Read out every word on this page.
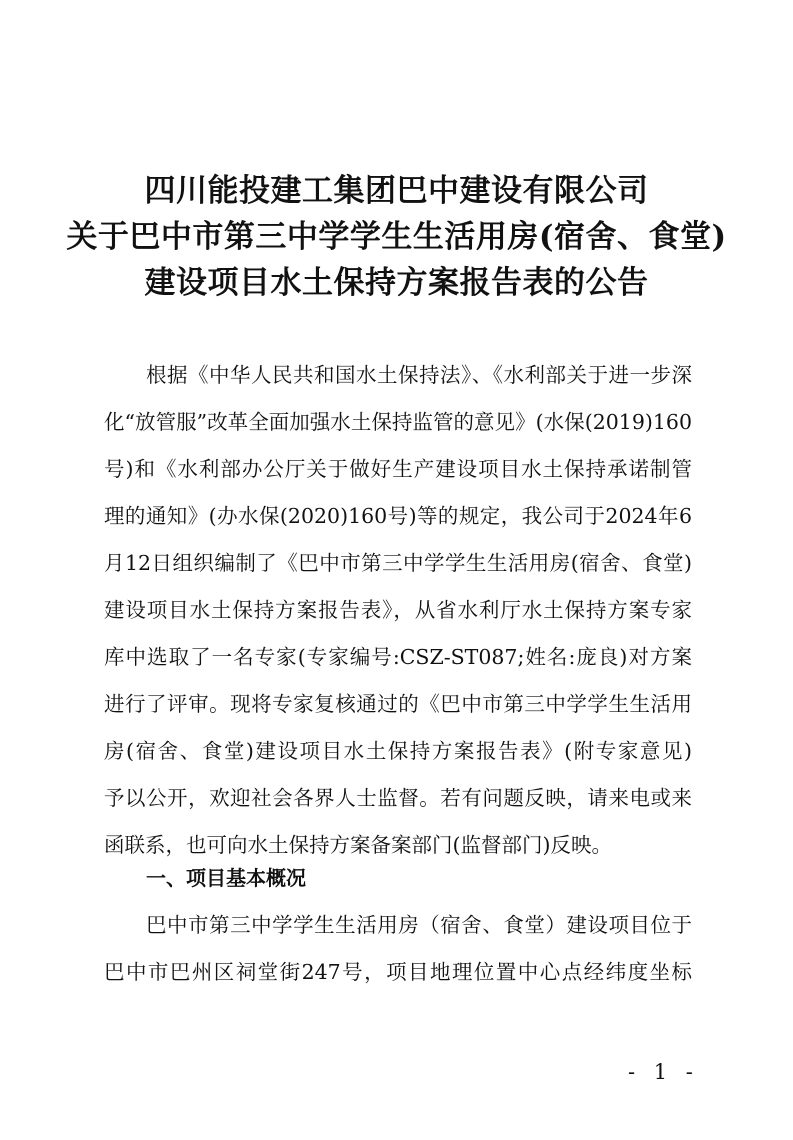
四川能投建工集团巴中建设有限公司
关于巴中市第三中学学生生活用房(宿舍、食堂)
建设项目水土保持方案报告表的公告
根据《中华人民共和国水土保持法》、《水利部关于进一步深
化“放管服”改革全面加强水土保持监管的意见》(水保(2019)160
号)和《水利部办公厅关于做好生产建设项目水土保持承诺制管
理的通知》(办水保(2020)160号)等的规定，我公司于2024年6
月12日组织编制了《巴中市第三中学学生生活用房(宿舍、食堂)
建设项目水土保持方案报告表》，从省水利厅水土保持方案专家
库中选取了一名专家(专家编号:CSZ-ST087;姓名:庞良)对方案
进行了评审。现将专家复核通过的《巴中市第三中学学生生活用
房(宿舍、食堂)建设项目水土保持方案报告表》(附专家意见)
予以公开，欢迎社会各界人士监督。若有问题反映，请来电或来
函联系，也可向水土保持方案备案部门(监督部门)反映。
一、项目基本概况
巴中市第三中学学生生活用房（宿舍、食堂）建设项目位于
巴中市巴州区祠堂街247号，项目地理位置中心点经纬度坐标
- 1 -
